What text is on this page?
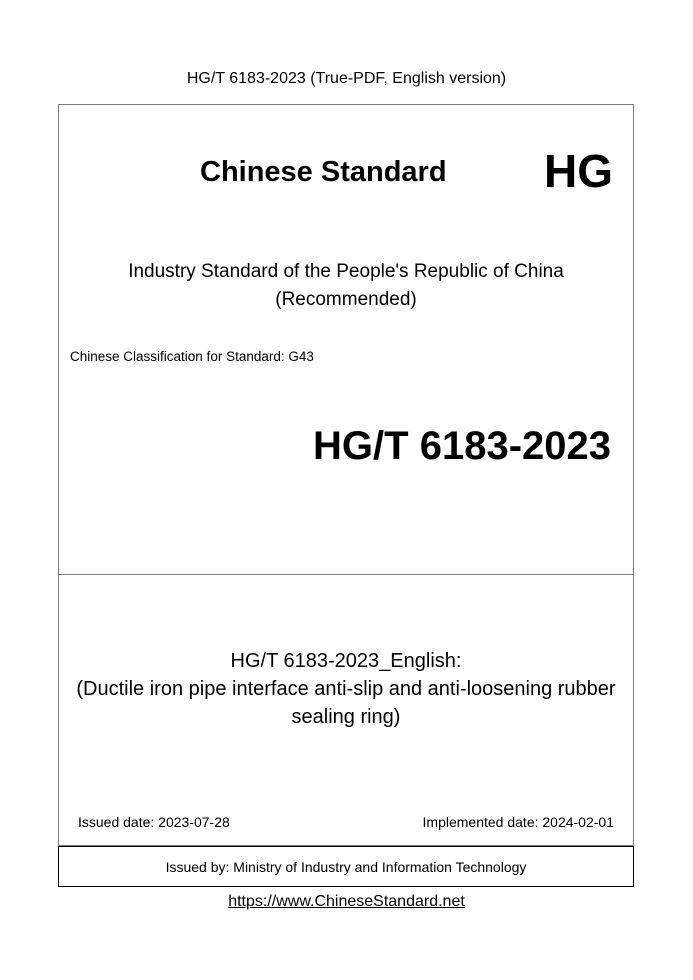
HG/T 6183-2023 (True-PDF, English version)
Chinese Standard HG
Industry Standard of the People's Republic of China
(Recommended)
Chinese Classification for Standard: G43
HG/T 6183-2023
HG/T 6183-2023_English:
(Ductile iron pipe interface anti-slip and anti-loosening rubber
sealing ring)
Issued date: 2023-07-28	Implemented date: 2024-02-01
Issued by: Ministry of Industry and Information Technology
https://www.ChineseStandard.net
